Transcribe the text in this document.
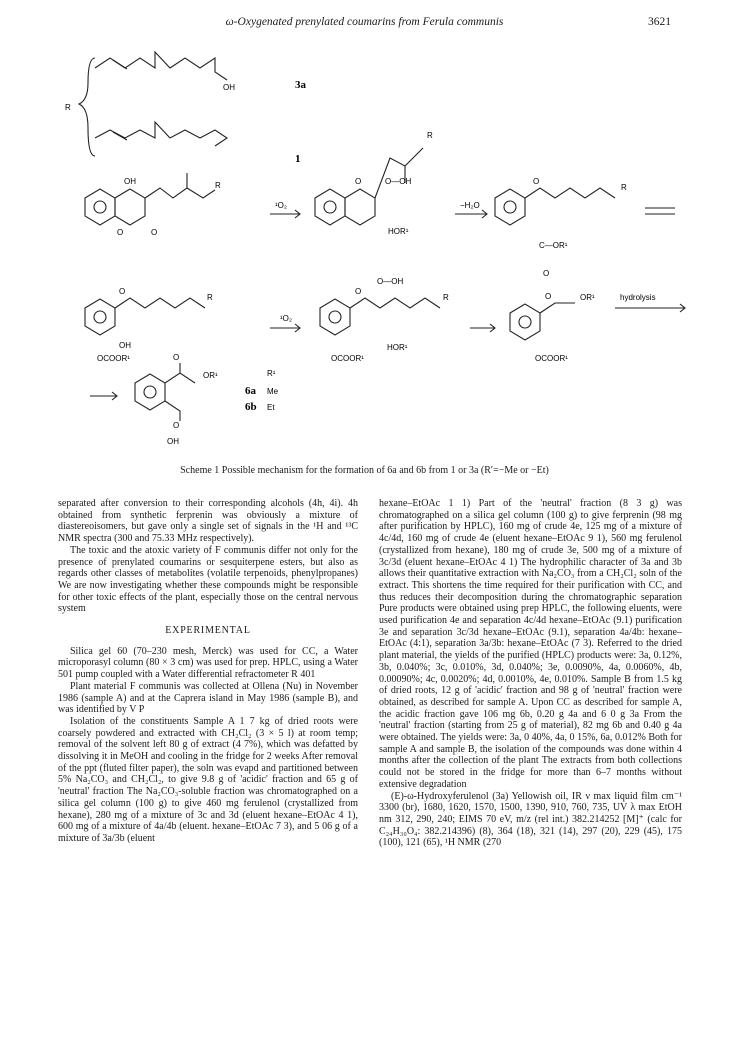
ω-Oxygenated prenylated coumarins from Ferula communis	3621
R
OH	3a
1
OH
O	O
R
¹O₂
O	O—OH
HOR¹
R
−H₂O
O
R
C—OR¹
O
O
OH
OCOOR¹
R
¹O₂
O
O—OH
HOR¹
OCOOR¹
R	O	OR¹
OCOOR¹
hydrolysis
O
OR¹
O
OH
R¹
6a Me
6b Et
Scheme 1 Possible mechanism for the formation of 6a and 6b from 1 or 3a (R′=−Me or −Et)

separated after conversion to their corresponding alcohols (4h, 4i). 4h obtained from synthetic ferprenin was obviously a mixture of diastereoisomers, but gave only a single set of signals in the ¹H and ¹³C NMR spectra (300 and 75.33 MHz respectively).

The toxic and the atoxic variety of F communis differ not only for the presence of prenylated coumarins or sesquiterpene esters, but also as regards other classes of metabolites (volatile terpenoids, phenylpropanes) We are now investigating whether these compounds might be responsible for other toxic effects of the plant, especially those on the central nervous system

EXPERIMENTAL

Silica gel 60 (70–230 mesh, Merck) was used for CC, a Water microporasyl column (80 × 3 cm) was used for prep. HPLC, using a Water 501 pump coupled with a Water differential refractometer R 401

Plant material F communis was collected at Ollena (Nu) in November 1986 (sample A) and at the Caprera island in May 1986 (sample B), and was identified by V P

Isolation of the constituents Sample A 1 7 kg of dried roots were coarsely powdered and extracted with CH₂Cl₂ (3 × 5 l) at room temp; removal of the solvent left 80 g of extract (4 7%), which was defatted by dissolving it in MeOH and cooling in the fridge for 2 weeks After removal of the ppt (fluted filter paper), the soln was evapd and partitioned between 5% Na₂CO₃ and CH₂Cl₂, to give 9.8 g of 'acidic' fraction and 65 g of 'neutral' fraction The Na₂CO₃-soluble fraction was chromatographed on a silica gel column (100 g) to give 460 mg ferulenol (crystallized from hexane), 280 mg of a mixture of 3c and 3d (eluent hexane–EtOAc 4 1), 600 mg of a mixture of 4a/4b (eluent. hexane–EtOAc 7 3), and 5 06 g of a mixture of 3a/3b (eluent

hexane–EtOAc 1 1) Part of the 'neutral' fraction (8 3 g) was chromatographed on a silica gel column (100 g) to give ferprenin (98 mg after purification by HPLC), 160 mg of crude 4e, 125 mg of a mixture of 4c/4d, 160 mg of crude 4e (eluent hexane–EtOAc 9 1), 560 mg ferulenol (crystallized from hexane), 180 mg of crude 3e, 500 mg of a mixture of 3c/3d (eluent hexane–EtOAc 4 1) The hydrophilic character of 3a and 3b allows their quantitative extraction with Na₂CO₃ from a CH₂Cl₂ soln of the extract. This shortens the time required for their purification with CC, and thus reduces their decomposition during the chromatographic separation Pure products were obtained using prep HPLC, the following eluents, were used purification 4e and separation 4c/4d hexane–EtOAc (9.1) purification 3e and separation 3c/3d hexane–EtOAc (9.1), separation 4a/4b: hexane–EtOAc (4:1), separation 3a/3b: hexane–EtOAc (7 3). Referred to the dried plant material, the yields of the purified (HPLC) products were: 3a, 0.12%, 3b, 0.040%; 3c, 0.010%, 3d, 0.040%; 3e, 0.0090%, 4a, 0.0060%, 4b, 0.00090%; 4c, 0.0020%; 4d, 0.0010%, 4e, 0.010%. Sample B from 1.5 kg of dried roots, 12 g of 'acidic' fraction and 98 g of 'neutral' fraction were obtained, as described for sample A. Upon CC as described for sample A, the acidic fraction gave 106 mg 6b, 0.20 g 4a and 6 0 g 3a From the 'neutral' fraction (starting from 25 g of material), 82 mg 6b and 0.40 g 4a were obtained. The yields were: 3a, 0 40%, 4a, 0 15%, 6a, 0.012% Both for sample A and sample B, the isolation of the compounds was done within 4 months after the collection of the plant The extracts from both collections could not be stored in the fridge for more than 6–7 months without extensive degradation

(E)-ω-Hydroxyferulenol (3a) Yellowish oil, IR ν max liquid film cm⁻¹ 3300 (br), 1680, 1620, 1570, 1500, 1390, 910, 760, 735, UV λ max EtOH nm 312, 290, 240; EIMS 70 eV, m/z (rel int.) 382.214252 [M]⁺ (calc for C₂₄H₃₀O₄: 382.214396) (8), 364 (18), 321 (14), 297 (20), 229 (45), 175 (100), 121 (65), ¹H NMR (270
